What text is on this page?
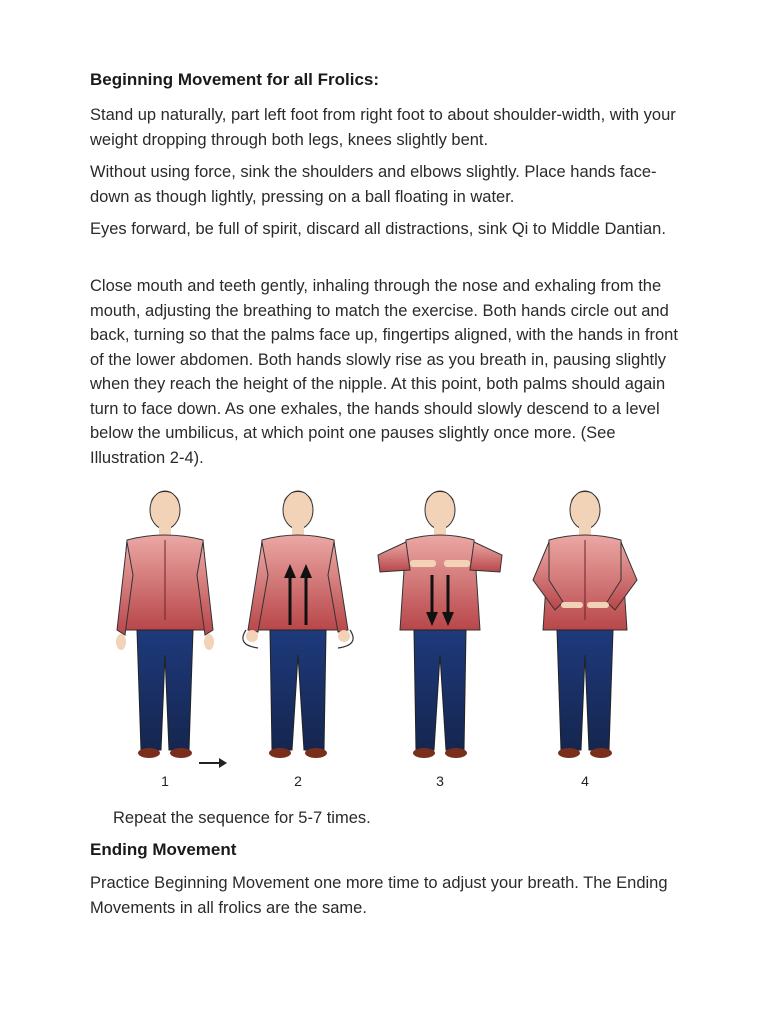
Beginning Movement for all Frolics:
Stand up naturally, part left foot from right foot to about shoulder-width, with your weight dropping through both legs, knees slightly bent.
Without using force, sink the shoulders and elbows slightly. Place hands face-down as though lightly, pressing on a ball floating in water.
Eyes forward, be full of spirit, discard all distractions, sink Qi to Middle Dantian.
Close mouth and teeth gently, inhaling through the nose and exhaling from the mouth, adjusting the breathing to match the exercise. Both hands circle out and back, turning so that the palms face up, fingertips aligned, with the hands in front of the lower abdomen. Both hands slowly rise as you breath in, pausing slightly when they reach the height of the nipple. At this point, both palms should again turn to face down. As one exhales, the hands should slowly descend to a level below the umbilicus, at which point one pauses slightly once more. (See Illustration 2-4).
1	2	3	4
Repeat the sequence for 5-7 times.
Ending Movement
Practice Beginning Movement one more time to adjust your breath. The Ending Movements in all frolics are the same.
